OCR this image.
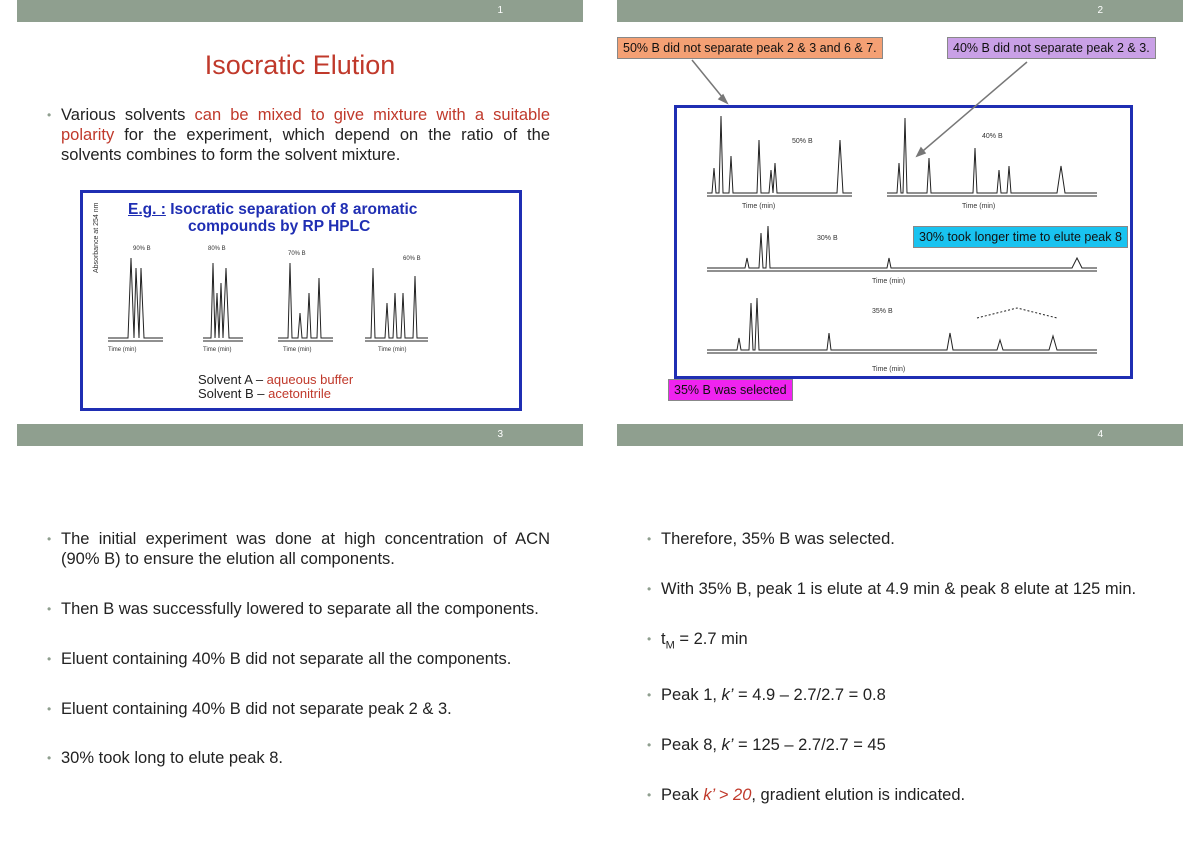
1
Isocratic Elution

• Various solvents can be mixed to give mixture with a suitable polarity for the experiment, which depend on the ratio of the solvents combines to form the solvent mixture.

E.g. : Isocratic separation of 8 aromatic
compounds by RP HPLC
Absorbance at 254 nm	90% B	80% B
70% B
60% B
Time (min)	Time (min)	Time (min)	Time (min)
Solvent A – aqueous buffer
Solvent B – acetonitrile
2
50% B
40% B
30% B
35% B
Time (min)	Time (min)
Time (min)
Time (min)
50% B did not separate peak 2 & 3 and 6 & 7.	40% B did not separate peak 2 & 3.
30% took longer time to elute peak 8
35% B was selected
3

• The initial experiment was done at high concentration of ACN (90% B) to ensure the elution all components.

• Then B was successfully lowered to separate all the components.

• Eluent containing 40% B did not separate all the components.

• Eluent containing 40% B did not separate peak 2 & 3.

• 30% took long to elute peak 8.

4

• Therefore, 35% B was selected.

• With 35% B, peak 1 is elute at 4.9 min & peak 8 elute at 125 min.

• $t_M = 2.7$ min

• Peak 1, k’ = 4.9 – 2.7/2.7 = 0.8

• Peak 8, k’ = 125 – 2.7/2.7 = 45

• Peak k’ > 20, gradient elution is indicated.
